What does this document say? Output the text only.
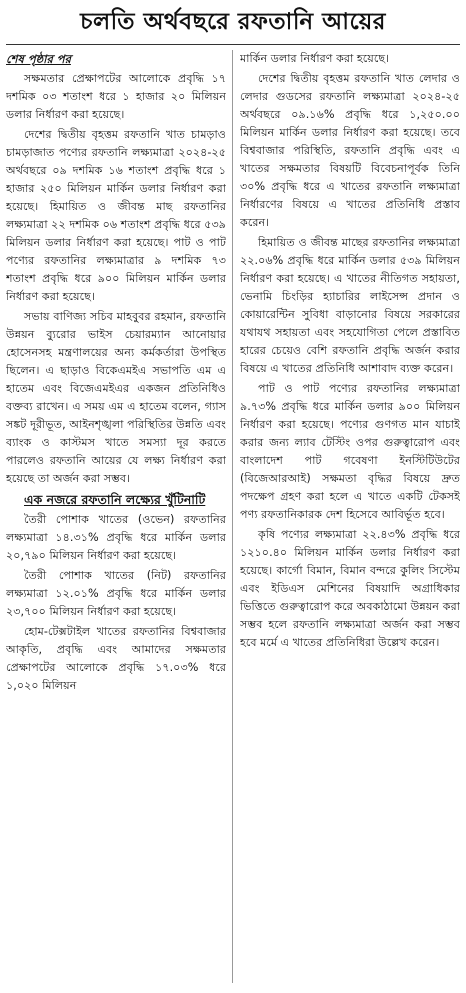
চলতি অর্থবছরে রফতানি আয়ের

শেষ পৃষ্ঠার পর

সক্ষমতার প্রেক্ষাপটের আলোকে প্রবৃদ্ধি ১৭ দশমিক ০৩ শতাংশ ধরে ১ হাজার ২০ মিলিয়ন ডলার নির্ধারণ করা হয়েছে।

দেশের দ্বিতীয় বৃহত্তম রফতানি খাত চামড়াও চামড়াজাত পণ্যের রফতানি লক্ষ্যমাত্রা ২০২৪-২৫ অর্থবছরে ০৯ দশমিক ১৬ শতাংশ প্রবৃদ্ধি ধরে ১ হাজার ২৫০ মিলিয়ন মার্কিন ডলার নির্ধারণ করা হয়েছে। হিমায়িত ও জীবন্ত মাছ রফতানির লক্ষ্যমাত্রা ২২ দশমিক ০৬ শতাংশ প্রবৃদ্ধি ধরে ৫৩৯ মিলিয়ন ডলার নির্ধারণ করা হয়েছে। পাট ও পাট পণ্যের রফতানির লক্ষ্যমাত্রার ৯ দশমিক ৭৩ শতাংশ প্রবৃদ্ধি ধরে ৯০০ মিলিয়ন মার্কিন ডলার নির্ধারণ করা হয়েছে।

সভায় বাণিজ্য সচিব মাহবুবর রহমান, রফতানি উন্নয়ন ব্যুরোর ভাইস চেয়ারম্যান আনোয়ার হোসেনসহ মন্ত্রণালয়ের অন্য কর্মকর্তারা উপস্থিত ছিলেন। এ ছাড়াও বিকেএমইএ সভাপতি এম এ হাতেম এবং বিজেএমইএর একজন প্রতিনিধিও বক্তব্য রাখেন। এ সময় এম এ হাতেম বলেন, গ্যাস সঙ্কট দূরীভূত, আইনশৃঙ্খলা পরিস্থিতির উন্নতি এবং ব্যাংক ও কাস্টমস খাতে সমস্যা দূর করতে পারলেও রফতানি আয়ের যে লক্ষ্য নির্ধারণ করা হয়েছে তা অর্জন করা সম্ভব।

এক নজরে রফতানি লক্ষ্যের খুঁটিনাটি

তৈরী পোশাক খাতের (ওভেন) রফতানির লক্ষ্যমাত্রা ১৪.৩১% প্রবৃদ্ধি ধরে মার্কিন ডলার ২০,৭৯০ মিলিয়ন নির্ধারণ করা হয়েছে।

তৈরী পোশাক খাতের (নিট) রফতানির লক্ষ্যমাত্রা ১২.০১% প্রবৃদ্ধি ধরে মার্কিন ডলার ২৩,৭০০ মিলিয়ন নির্ধারণ করা হয়েছে।

হোম-টেক্সটাইল খাতের রফতানির বিশ্ববাজার আকৃতি, প্রবৃদ্ধি এবং আমাদের সক্ষমতার প্রেক্ষাপটের আলোকে প্রবৃদ্ধি ১৭.০৩% ধরে ১,০২০ মিলিয়ন

মার্কিন ডলার নির্ধারণ করা হয়েছে।

দেশের দ্বিতীয় বৃহত্তম রফতানি খাত লেদার ও লেদার গুডসের রফতানি লক্ষ্যমাত্রা ২০২৪-২৫ অর্থবছরে ০৯.১৬% প্রবৃদ্ধি ধরে ১,২৫০.০০ মিলিয়ন মার্কিন ডলার নির্ধারণ করা হয়েছে। তবে বিশ্ববাজার পরিস্থিতি, রফতানি প্রবৃদ্ধি এবং এ খাতের সক্ষমতার বিষয়টি বিবেচনাপূর্বক তিনি ৩০% প্রবৃদ্ধি ধরে এ খাতের রফতানি লক্ষ্যমাত্রা নির্ধারণের বিষয়ে এ খাতের প্রতিনিধি প্রস্তাব করেন।

হিমায়িত ও জীবন্ত মাছের রফতানির লক্ষ্যমাত্রা ২২.০৬% প্রবৃদ্ধি ধরে মার্কিন ডলার ৫৩৯ মিলিয়ন নির্ধারণ করা হয়েছে। এ খাতের নীতিগত সহায়তা, ভেনামি চিংড়ির হ্যাচারির লাইসেন্স প্রদান ও কোয়ারেন্টিন সুবিধা বাড়ানোর বিষয়ে সরকারের যথাযথ সহায়তা এবং সহযোগিতা পেলে প্রস্তাবিত হারের চেয়েও বেশি রফতানি প্রবৃদ্ধি অর্জন করার বিষয়ে এ খাতের প্রতিনিধি আশাবাদ ব্যক্ত করেন।

পাট ও পাট পণ্যের রফতানির লক্ষ্যমাত্রা ৯.৭৩% প্রবৃদ্ধি ধরে মার্কিন ডলার ৯০০ মিলিয়ন নির্ধারণ করা হয়েছে। পণ্যের গুণগত মান যাচাই করার জন্য ল্যাব টেস্টিং ওপর গুরুত্বারোপ এবং বাংলাদেশ পাট গবেষণা ইনস্টিটিউটের (বিজেআরআই) সক্ষমতা বৃদ্ধির বিষয়ে দ্রুত পদক্ষেপ গ্রহণ করা হলে এ খাতে একটি টেকসই পণ্য রফতানিকারক দেশ হিসেবে আবির্ভূত হবে।

কৃষি পণ্যের লক্ষ্যমাত্রা ২২.৪৩% প্রবৃদ্ধি ধরে ১২১০.৪০ মিলিয়ন মার্কিন ডলার নির্ধারণ করা হয়েছে। কার্গো বিমান, বিমান বন্দরে কুলিং সিস্টেম এবং ইডিএস মেশিনের বিষয়াদি অগ্রাধিকার ভিত্তিতে গুরুত্বারোপ করে অবকাঠামো উন্নয়ন করা সম্ভব হলে রফতানি লক্ষ্যমাত্রা অর্জন করা সম্ভব হবে মর্মে এ খাতের প্রতিনিধিরা উল্লেখ করেন।
